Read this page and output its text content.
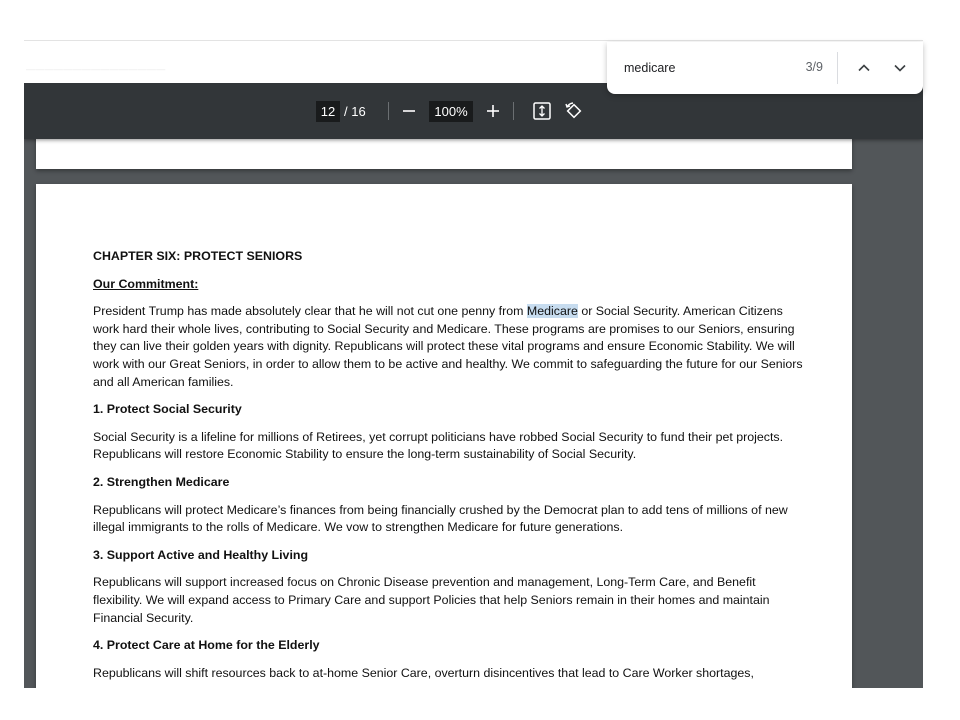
———————————————
12 / 16	100%
CHAPTER SIX: PROTECT SENIORS
Our Commitment:

President Trump has made absolutely clear that he will not cut one penny from Medicare or Social Security. American Citizens work hard their whole lives, contributing to Social Security and Medicare. These programs are promises to our Seniors, ensuring they can live their golden years with dignity. Republicans will protect these vital programs and ensure Economic Stability. We will work with our Great Seniors, in order to allow them to be active and healthy. We commit to safeguarding the future for our Seniors and all American families.

1. Protect Social Security

Social Security is a lifeline for millions of Retirees, yet corrupt politicians have robbed Social Security to fund their pet projects. Republicans will restore Economic Stability to ensure the long-term sustainability of Social Security.

2. Strengthen Medicare

Republicans will protect Medicare’s finances from being financially crushed by the Democrat plan to add tens of millions of new illegal immigrants to the rolls of Medicare. We vow to strengthen Medicare for future generations.

3. Support Active and Healthy Living

Republicans will support increased focus on Chronic Disease prevention and management, Long-Term Care, and Benefit flexibility. We will expand access to Primary Care and support Policies that help Seniors remain in their homes and maintain Financial Security.

4. Protect Care at Home for the Elderly

Republicans will shift resources back to at-home Senior Care, overturn disincentives that lead to Care Worker shortages,

medicare
3/9
